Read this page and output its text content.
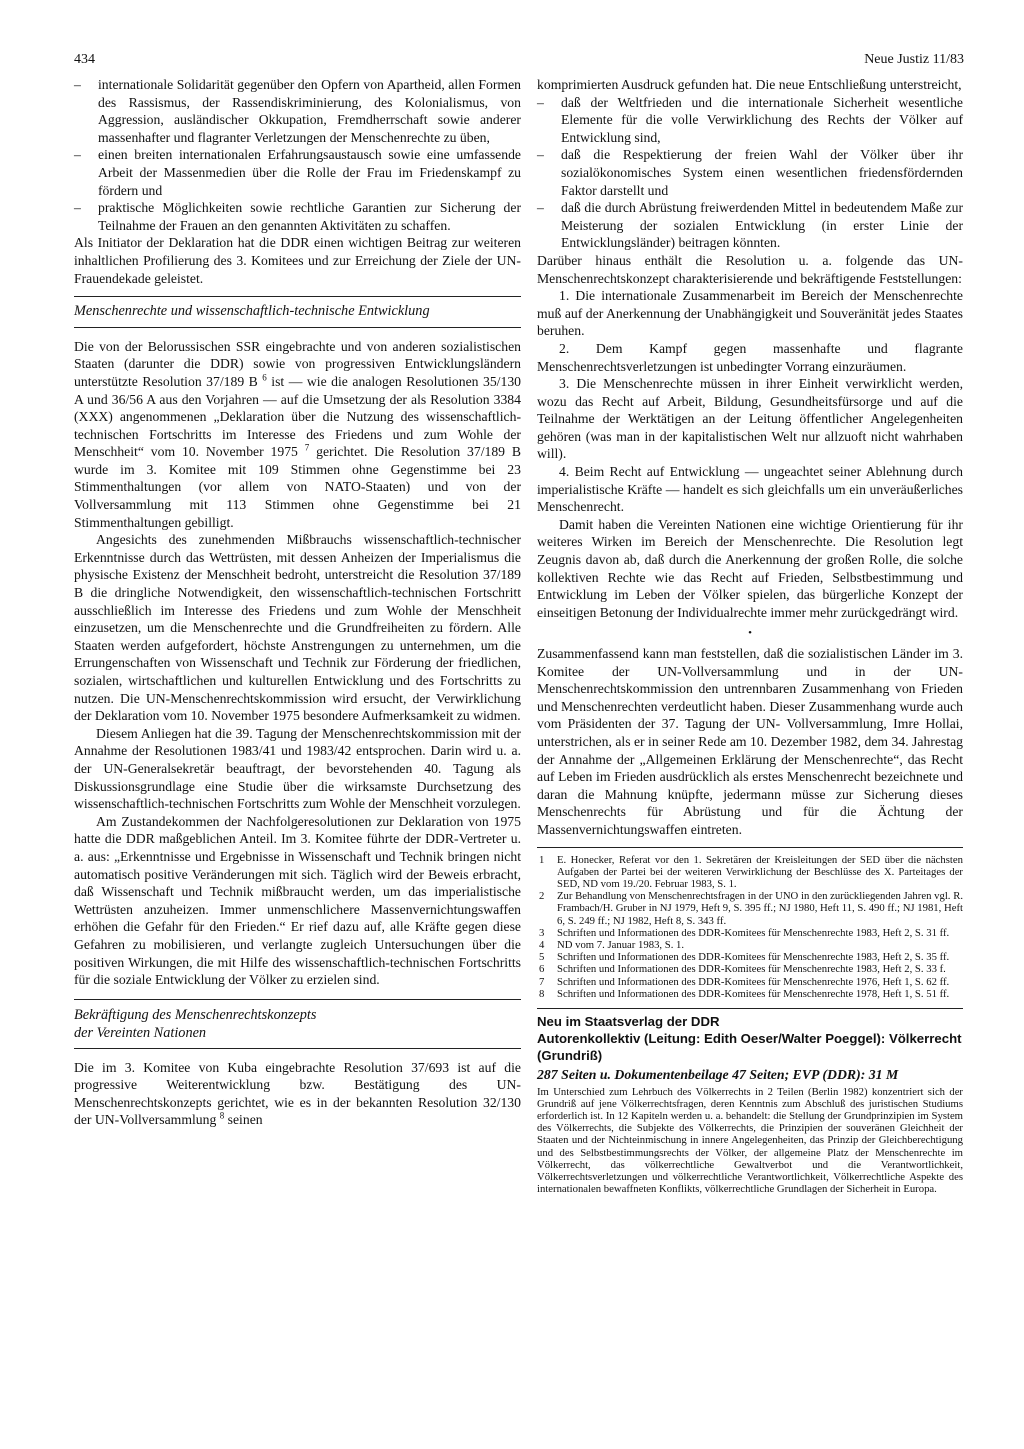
434	Neue Justiz 11/83
– internationale Solidarität gegenüber den Opfern von Apartheid, allen Formen des Rassismus, der Rassendiskriminierung, des Kolonialismus, von Aggression, ausländischer Okkupation, Fremdherrschaft sowie anderer massenhafter und flagranter Verletzungen der Menschenrechte zu üben,
– einen breiten internationalen Erfahrungsaustausch sowie eine umfassende Arbeit der Massenmedien über die Rolle der Frau im Friedenskampf zu fördern und
– praktische Möglichkeiten sowie rechtliche Garantien zur Sicherung der Teilnahme der Frauen an den genannten Aktivitäten zu schaffen.

Als Initiator der Deklaration hat die DDR einen wichtigen Beitrag zur weiteren inhaltlichen Profilierung des 3. Komitees und zur Erreichung der Ziele der UN-Frauendekade geleistet.

Menschenrechte und wissenschaftlich-technische Entwicklung

Die von der Belorussischen SSR eingebrachte und von anderen sozialistischen Staaten (darunter die DDR) sowie von progressiven Entwicklungsländern unterstützte Resolution 37/189 B $^6$ ist — wie die analogen Resolutionen 35/130 A und 36/56 A aus den Vorjahren — auf die Umsetzung der als Resolution 3384 (XXX) angenommenen „Deklaration über die Nutzung des wissenschaftlich-technischen Fortschritts im Interesse des Friedens und zum Wohle der Menschheit“ vom 10. November 1975 $^7$ gerichtet. Die Resolution 37/189 B wurde im 3. Komitee mit 109 Stimmen ohne Gegenstimme bei 23 Stimmenthaltungen (vor allem von NATO-Staaten) und von der Vollversammlung mit 113 Stimmen ohne Gegenstimme bei 21 Stimmenthaltungen gebilligt.

Angesichts des zunehmenden Mißbrauchs wissenschaftlich-technischer Erkenntnisse durch das Wettrüsten, mit dessen Anheizen der Imperialismus die physische Existenz der Menschheit bedroht, unterstreicht die Resolution 37/189 B die dringliche Notwendigkeit, den wissenschaftlich-technischen Fortschritt ausschließlich im Interesse des Friedens und zum Wohle der Menschheit einzusetzen, um die Menschenrechte und die Grundfreiheiten zu fördern. Alle Staaten werden aufgefordert, höchste Anstrengungen zu unternehmen, um die Errungenschaften von Wissenschaft und Technik zur Förderung der friedlichen, sozialen, wirtschaftlichen und kulturellen Entwicklung und des Fortschritts zu nutzen. Die UN-Menschenrechtskommission wird ersucht, der Verwirklichung der Deklaration vom 10. November 1975 besondere Aufmerksamkeit zu widmen.

Diesem Anliegen hat die 39. Tagung der Menschenrechtskommission mit der Annahme der Resolutionen 1983/41 und 1983/42 entsprochen. Darin wird u. a. der UN-Generalsekretär beauftragt, der bevorstehenden 40. Tagung als Diskussionsgrundlage eine Studie über die wirksamste Durchsetzung des wissenschaftlich-technischen Fortschritts zum Wohle der Menschheit vorzulegen.

Am Zustandekommen der Nachfolgeresolutionen zur Deklaration von 1975 hatte die DDR maßgeblichen Anteil. Im 3. Komitee führte der DDR-Vertreter u. a. aus: „Erkenntnisse und Ergebnisse in Wissenschaft und Technik bringen nicht automatisch positive Veränderungen mit sich. Täglich wird der Beweis erbracht, daß Wissenschaft und Technik mißbraucht werden, um das imperialistische Wettrüsten anzuheizen. Immer unmenschlichere Massenvernichtungswaffen erhöhen die Gefahr für den Frieden.“ Er rief dazu auf, alle Kräfte gegen diese Gefahren zu mobilisieren, und verlangte zugleich Untersuchungen über die positiven Wirkungen, die mit Hilfe des wissenschaftlich-technischen Fortschritts für die soziale Entwicklung der Völker zu erzielen sind.

Bekräftigung des Menschenrechtskonzepts
der Vereinten Nationen

Die im 3. Komitee von Kuba eingebrachte Resolution 37/693 ist auf die progressive Weiterentwicklung bzw. Bestätigung des UN-Menschenrechtskonzepts gerichtet, wie es in der bekannten Resolution 32/130 der UN-Vollversammlung $^8$ seinen

komprimierten Ausdruck gefunden hat. Die neue Entschließung unterstreicht,

– daß der Weltfrieden und die internationale Sicherheit wesentliche Elemente für die volle Verwirklichung des Rechts der Völker auf Entwicklung sind,
– daß die Respektierung der freien Wahl der Völker über ihr sozialökonomisches System einen wesentlichen friedensfördernden Faktor darstellt und
– daß die durch Abrüstung freiwerdenden Mittel in bedeutendem Maße zur Meisterung der sozialen Entwicklung (in erster Linie der Entwicklungsländer) beitragen könnten.

Darüber hinaus enthält die Resolution u. a. folgende das UN-Menschenrechtskonzept charakterisierende und bekräftigende Feststellungen:

1. Die internationale Zusammenarbeit im Bereich der Menschenrechte muß auf der Anerkennung der Unabhängigkeit und Souveränität jedes Staates beruhen.

2. Dem Kampf gegen massenhafte und flagrante Menschenrechtsverletzungen ist unbedingter Vorrang einzuräumen.

3. Die Menschenrechte müssen in ihrer Einheit verwirklicht werden, wozu das Recht auf Arbeit, Bildung, Gesundheitsfürsorge und auf die Teilnahme der Werktätigen an der Leitung öffentlicher Angelegenheiten gehören (was man in der kapitalistischen Welt nur allzuoft nicht wahrhaben will).

4. Beim Recht auf Entwicklung — ungeachtet seiner Ablehnung durch imperialistische Kräfte — handelt es sich gleichfalls um ein unveräußerliches Menschenrecht.

Damit haben die Vereinten Nationen eine wichtige Orientierung für ihr weiteres Wirken im Bereich der Menschenrechte. Die Resolution legt Zeugnis davon ab, daß durch die Anerkennung der großen Rolle, die solche kollektiven Rechte wie das Recht auf Frieden, Selbstbestimmung und Entwicklung im Leben der Völker spielen, das bürgerliche Konzept der einseitigen Betonung der Individualrechte immer mehr zurückgedrängt wird.

•

Zusammenfassend kann man feststellen, daß die sozialistischen Länder im 3. Komitee der UN-Vollversammlung und in der UN-Menschenrechtskommission den untrennbaren Zusammenhang von Frieden und Menschenrechten verdeutlicht haben. Dieser Zusammenhang wurde auch vom Präsidenten der 37. Tagung der UN- Vollversammlung, Imre Hollai, unterstrichen, als er in seiner Rede am 10. Dezember 1982, dem 34. Jahrestag der Annahme der „Allgemeinen Erklärung der Menschenrechte“, das Recht auf Leben im Frieden ausdrücklich als erstes Menschenrecht bezeichnete und daran die Mahnung knüpfte, jedermann müsse zur Sicherung dieses Menschenrechts für Abrüstung und für die Ächtung der Massenvernichtungswaffen eintreten.

1 E. Honecker, Referat vor den 1. Sekretären der Kreisleitungen der SED über die nächsten Aufgaben der Partei bei der weiteren Verwirklichung der Beschlüsse des X. Parteitages der SED, ND vom 19./20. Februar 1983, S. 1.
2 Zur Behandlung von Menschenrechtsfragen in der UNO in den zurückliegenden Jahren vgl. R. Frambach/H. Gruber in NJ 1979, Heft 9, S. 395 ff.; NJ 1980, Heft 11, S. 490 ff.; NJ 1981, Heft 6, S. 249 ff.; NJ 1982, Heft 8, S. 343 ff.
3 Schriften und Informationen des DDR-Komitees für Menschenrechte 1983, Heft 2, S. 31 ff.
4 ND vom 7. Januar 1983, S. 1.
5 Schriften und Informationen des DDR-Komitees für Menschenrechte 1983, Heft 2, S. 35 ff.
6 Schriften und Informationen des DDR-Komitees für Menschenrechte 1983, Heft 2, S. 33 f.
7 Schriften und Informationen des DDR-Komitees für Menschenrechte 1976, Heft 1, S. 62 ff.
8 Schriften und Informationen des DDR-Komitees für Menschenrechte 1978, Heft 1, S. 51 ff.
Neu im Staatsverlag der DDR
Autorenkollektiv (Leitung: Edith Oeser/Walter Poeggel): Völkerrecht (Grundriß)
287 Seiten u. Dokumentenbeilage 47 Seiten; EVP (DDR): 31 M

Im Unterschied zum Lehrbuch des Völkerrechts in 2 Teilen (Berlin 1982) konzentriert sich der Grundriß auf jene Völkerrechtsfragen, deren Kenntnis zum Abschluß des juristischen Studiums erforderlich ist. In 12 Kapiteln werden u. a. behandelt: die Stellung der Grundprinzipien im System des Völkerrechts, die Subjekte des Völkerrechts, die Prinzipien der souveränen Gleichheit der Staaten und der Nichteinmischung in innere Angelegenheiten, das Prinzip der Gleichberechtigung und des Selbstbestimmungsrechts der Völker, der allgemeine Platz der Menschenrechte im Völkerrecht, das völkerrechtliche Gewaltverbot und die Verantwortlichkeit, Völkerrechtsverletzungen und völkerrechtliche Verantwortlichkeit, Völkerrechtliche Aspekte des internationalen bewaffneten Konflikts, völkerrechtliche Grundlagen der Sicherheit in Europa.
